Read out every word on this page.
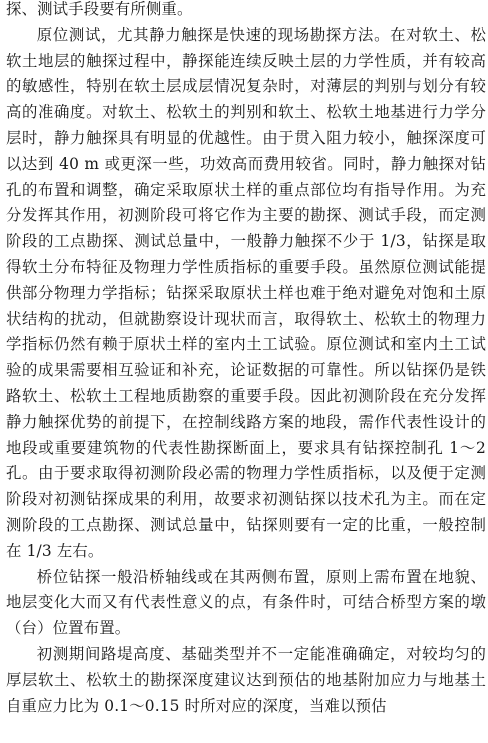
探、测试手段要有所侧重。

原位测试，尤其静力触探是快速的现场勘探方法。在对软土、松软土地层的触探过程中，静探能连续反映土层的力学性质，并有较高的敏感性，特别在软土层成层情况复杂时，对薄层的判别与划分有较高的准确度。对软土、松软土的判别和软土、松软土地基进行力学分层时，静力触探具有明显的优越性。由于贯入阻力较小，触探深度可以达到 40 m 或更深一些，功效高而费用较省。同时，静力触探对钻孔的布置和调整，确定采取原状土样的重点部位均有指导作用。为充分发挥其作用，初测阶段可将它作为主要的勘探、测试手段，而定测阶段的工点勘探、测试总量中，一般静力触探不少于 1/3，钻探是取得软土分布特征及物理力学性质指标的重要手段。虽然原位测试能提供部分物理力学指标；钻探采取原状土样也难于绝对避免对饱和土原状结构的扰动，但就勘察设计现状而言，取得软土、松软土的物理力学指标仍然有赖于原状土样的室内土工试验。原位测试和室内土工试验的成果需要相互验证和补充，论证数据的可靠性。所以钻探仍是铁路软土、松软土工程地质勘察的重要手段。因此初测阶段在充分发挥静力触探优势的前提下，在控制线路方案的地段，需作代表性设计的地段或重要建筑物的代表性勘探断面上，要求具有钻探控制孔 1～2 孔。由于要求取得初测阶段必需的物理力学性质指标，以及便于定测阶段对初测钻探成果的利用，故要求初测钻探以技术孔为主。而在定测阶段的工点勘探、测试总量中，钻探则要有一定的比重，一般控制在 1/3 左右。

桥位钻探一般沿桥轴线或在其两侧布置，原则上需布置在地貌、地层变化大而又有代表性意义的点，有条件时，可结合桥型方案的墩（台）位置布置。

初测期间路堤高度、基础类型并不一定能准确确定，对较均匀的厚层软土、松软土的勘探深度建议达到预估的地基附加应力与地基土自重应力比为 0.1～0.15 时所对应的深度，当难以预估
